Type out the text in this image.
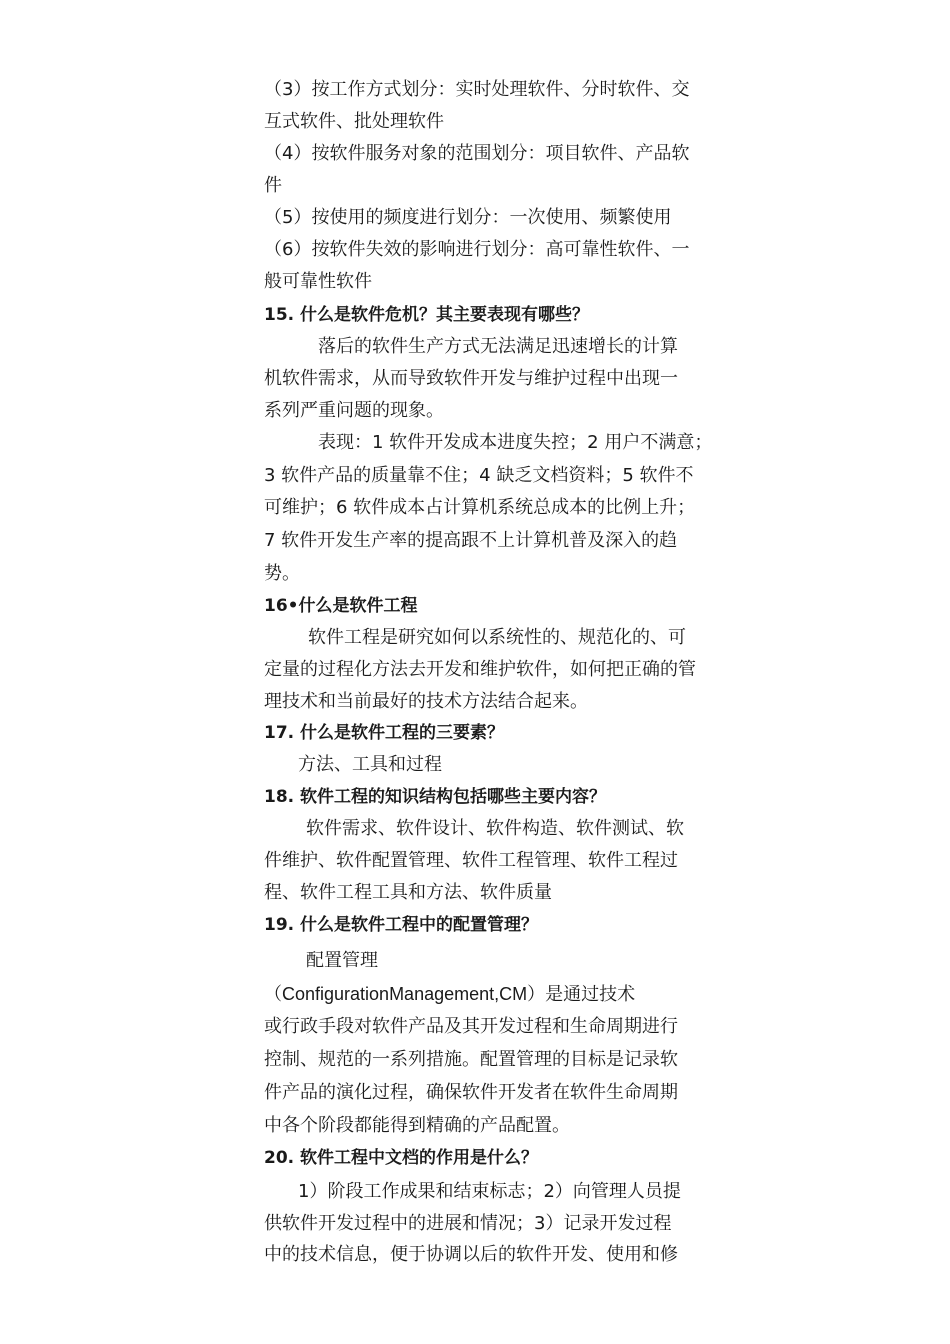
（3）按工作方式划分：实时处理软件、分时软件、交
互式软件、批处理软件
（4）按软件服务对象的范围划分：项目软件、产品软
件
（5）按使用的频度进行划分：一次使用、频繁使用
（6）按软件失效的影响进行划分：高可靠性软件、一
般可靠性软件
15. 什么是软件危机？其主要表现有哪些？
落后的软件生产方式无法满足迅速增长的计算
机软件需求，从而导致软件开发与维护过程中出现一
系列严重问题的现象。
表现：1 软件开发成本进度失控；2 用户不满意；
3 软件产品的质量靠不住；4 缺乏文档资料；5 软件不
可维护；6 软件成本占计算机系统总成本的比例上升；
7 软件开发生产率的提高跟不上计算机普及深入的趋
势。
16•什么是软件工程
软件工程是研究如何以系统性的、规范化的、可
定量的过程化方法去开发和维护软件，如何把正确的管
理技术和当前最好的技术方法结合起来。
17. 什么是软件工程的三要素？
方法、工具和过程
18. 软件工程的知识结构包括哪些主要内容？
软件需求、软件设计、软件构造、软件测试、软
件维护、软件配置管理、软件工程管理、软件工程过
程、软件工程工具和方法、软件质量
19. 什么是软件工程中的配置管理？
配置管理
（ConfigurationManagement,CM）是通过技术
或行政手段对软件产品及其开发过程和生命周期进行
控制、规范的一系列措施。配置管理的目标是记录软
件产品的演化过程，确保软件开发者在软件生命周期
中各个阶段都能得到精确的产品配置。
20. 软件工程中文档的作用是什么？
1）阶段工作成果和结束标志；2）向管理人员提
供软件开发过程中的进展和情况；3）记录开发过程
中的技术信息，便于协调以后的软件开发、使用和修
